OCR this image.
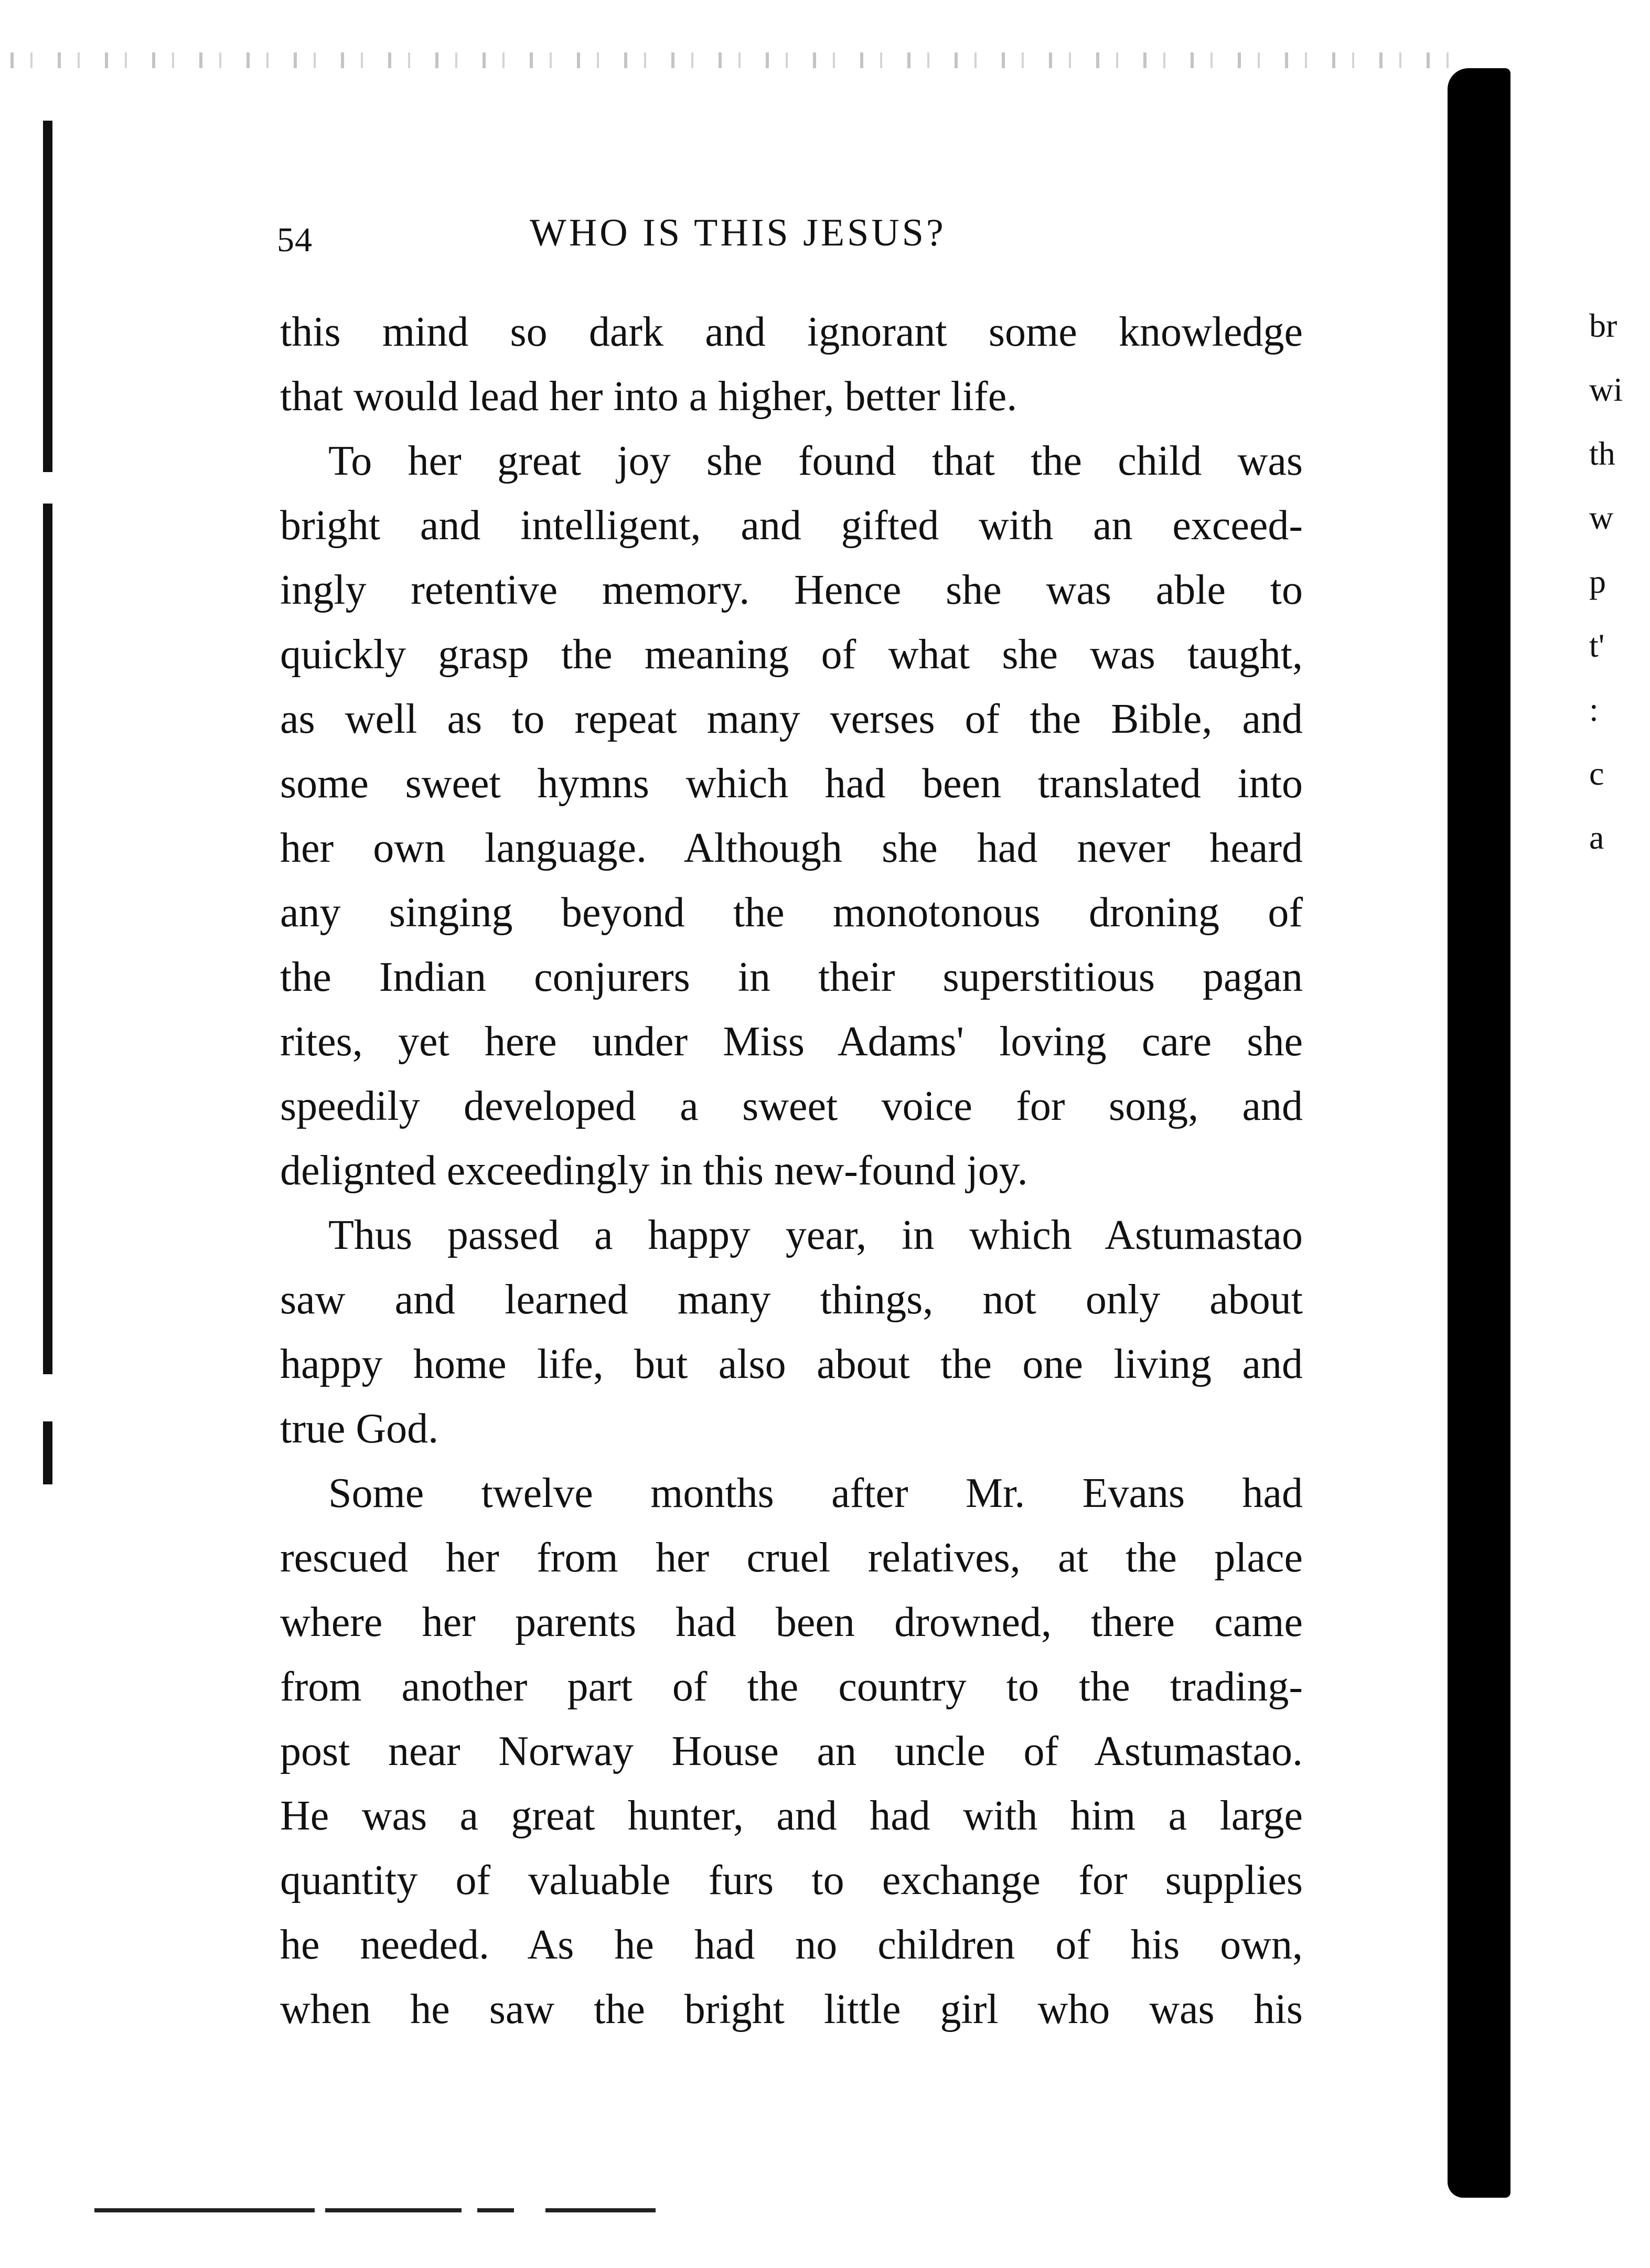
54	WHO IS THIS JESUS?
this mind so dark and ignorant some knowledge
that would lead her into a higher, better life.
To her great joy she found that the child was
bright and intelligent, and gifted with an exceed-
ingly retentive memory. Hence she was able to
quickly grasp the meaning of what she was taught,
as well as to repeat many verses of the Bible, and
some sweet hymns which had been translated into
her own language. Although she had never heard
any singing beyond the monotonous droning of
the Indian conjurers in their superstitious pagan
rites, yet here under Miss Adams' loving care she
speedily developed a sweet voice for song, and
delignted exceedingly in this new-found joy.
Thus passed a happy year, in which Astumastao
saw and learned many things, not only about
happy home life, but also about the one living and
true God.
Some twelve months after Mr. Evans had
rescued her from her cruel relatives, at the place
where her parents had been drowned, there came
from another part of the country to the trading-
post near Norway House an uncle of Astumastao.
He was a great hunter, and had with him a large
quantity of valuable furs to exchange for supplies
he needed. As he had no children of his own,
when he saw the bright little girl who was his
br
wi
th
w
p
t'
:
c
a
